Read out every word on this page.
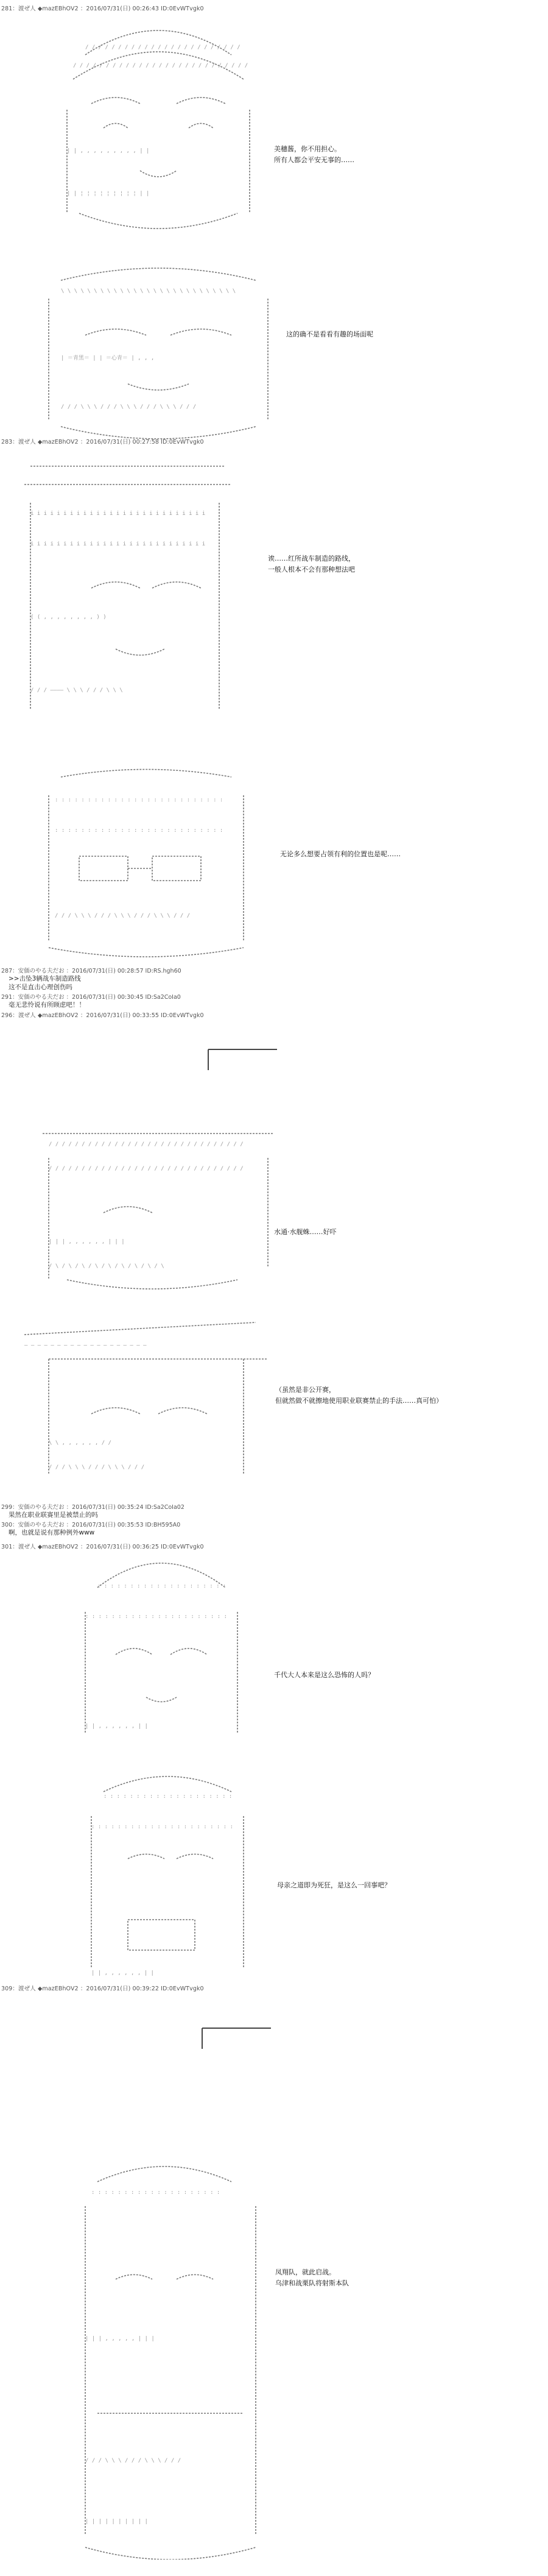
281：渡ぜ人 ◆mazEBhOV2 ：2016/07/31(日) 00:26:43 ID:0EvWTvgk0
/ / / / / / / / / / / / / / / / / / / / / / / /
/ / / / / / / / / / / / / / / / / / / / / / / / / / /
| | , , , , , , , , , | |
| | ¦ ¦ ¦ ¦ ¦ ¦ ¦ ¦ ¦ | |
美穗酱，你不用担心。
所有人都会平安无事的……
\ \ \ \ \ \ \ \ \ \ \ \ \ \ \ \ \ \ \ \ \ \ \ \ \ \ \
| ＝青黑＝ | | ＝心青＝ | , , ,
/ / / \ \ \ / / / \ \ \ / / / \ \ \ / / /
这的确不是看看有趣的场面呢
283：渡ぜ人 ◆mazEBhOV2 ：2016/07/31(日) 00:27:58 ID:0EvWTvgk0
i i i i i i i i i i i i i i i i i i i i i i i i i i i
i i i i i i i i i i i i i i i i i i i i i i i i i i i
( ( , , , , , , , , ) )
/ / / ―――― \ \ \ / / / \ \ \
诶……红所战车制造的路线，
一般人根本不会有那种想法吧
: : : : : : : : : : : : : : : : : : : : : : : : : :
: : : : : : : : : : : : : : : : : : : : : : : : : :
/ / / \ \ \ / / / \ \ \ / / / \ \ \ / / /
无论多么想要占领有利的位置也是呢……
287：安価のやる夫だお ：2016/07/31(日) 00:28:57 ID:RS.hgh60
>>击坠3辆战车制造路线
这不是直击心理创伤吗
291：安価のやる夫だお ：2016/07/31(日) 00:30:45 ID:Sa2CoIa0
毫无悲怜说有所顾虑吧！！
296：渡ぜ人 ◆mazEBhOV2 ：2016/07/31(日) 00:33:55 ID:0EvWTvgk0
/ / / / / / / / / / / / / / / / / / / / / / / / / / / / / /
/ / / / / / / / / / / / / / / / / / / / / / / / / / / / / /
| | | , , , , , , | | |
/ \ / \ / \ / \ / \ / \ / \ / \ / \
水通·水舰蛛……好吓
― ― ― ― ― ― ― ― ― ― ― ― ― ― ― ― ― ― ―
\ \ , , , , , , / /
/ / / \ \ \ / / / \ \ \ / / /
（虽然是非公开赛，
但就然做不就擦地使用职业联赛禁止的手法……真可怕）
299：安価のやる夫だお ：2016/07/31(日) 00:35:24 ID:Sa2CoIa02
果然在职业联赛里是被禁止的吗
300：安価のやる夫だお ：2016/07/31(日) 00:35:53 ID:BH595A0
啊，也就是说有那种例外www
301：渡ぜ人 ◆mazEBhOV2 ：2016/07/31(日) 00:36:25 ID:0EvWTvgk0
: : : : : : : : : : : : : : : : : : : :
: : : : : : : : : : : : : : : : : : : : : :
| | , , , , , , | |
千代大人本来是这么恐怖的人吗？
: : : : : : : : : : : : : : : : : : : :
: : : : : : : : : : : : : : : : : : : : : :
| | , , , , , , | |
母亲之道即为死狂，是这么一回事吧？
309：渡ぜ人 ◆mazEBhOV2 ：2016/07/31(日) 00:39:22 ID:0EvWTvgk0
: : : : : : : : : : : : : : : : : : : :
| | | , , , , , | | |
/ / / \ \ \ / / / \ \ \ / / /
| | | | | | | | | |
凤翔队，就此启战。
乌津和战栗队将射斯本队
